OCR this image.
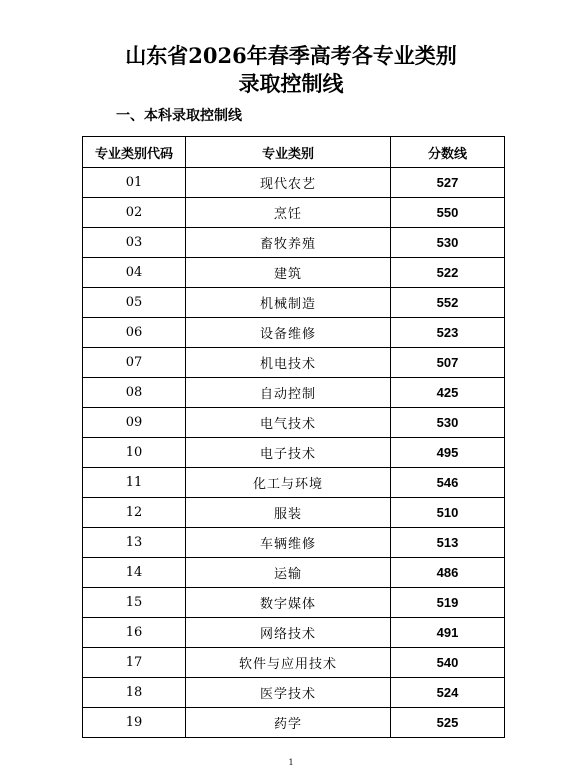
山东省2026年春季高考各专业类别
录取控制线
一、本科录取控制线
专业类别代码	专业类别	分数线
01	现代农艺	527
02	烹饪	550
03	畜牧养殖	530
04	建筑	522
05	机械制造	552
06	设备维修	523
07	机电技术	507
08	自动控制	425
09	电气技术	530
10	电子技术	495
11	化工与环境	546
12	服装	510
13	车辆维修	513
14	运输	486
15	数字媒体	519
16	网络技术	491
17	软件与应用技术	540
18	医学技术	524
19	药学	525
1
